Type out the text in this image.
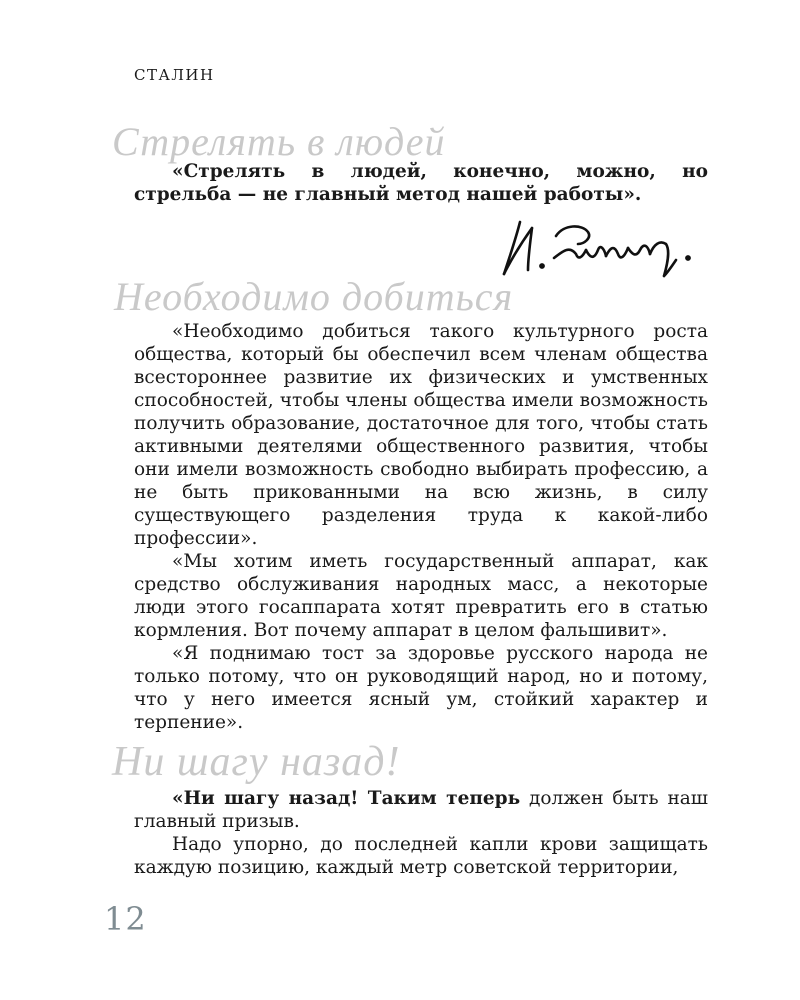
СТАЛИН
Стрелять в людей

«Стрелять в людей, конечно, можно, но стрельба — не главный метод нашей работы».

Необходимо добиться

«Необходимо добиться такого культурного роста общества, который бы обеспечил всем членам общества всестороннее развитие их физических и умственных способностей, чтобы члены общества имели возможность получить образование, достаточное для того, чтобы стать активными деятелями общественного развития, чтобы они имели возможность свободно выбирать профессию, а не быть прикованными на всю жизнь, в силу существующего разделения труда к какой-либо профессии».

«Мы хотим иметь государственный аппарат, как средство обслуживания народных масс, а некоторые люди этого госаппарата хотят превратить его в статью кормления. Вот почему аппарат в целом фальшивит».

«Я поднимаю тост за здоровье русского народа не только потому, что он руководящий народ, но и потому, что у него имеется ясный ум, стойкий характер и терпение».

Ни шагу назад!

«Ни шагу назад! Таким теперь должен быть наш главный призыв.

Надо упорно, до последней капли крови защищать каждую позицию, каждый метр советской территории,

12
